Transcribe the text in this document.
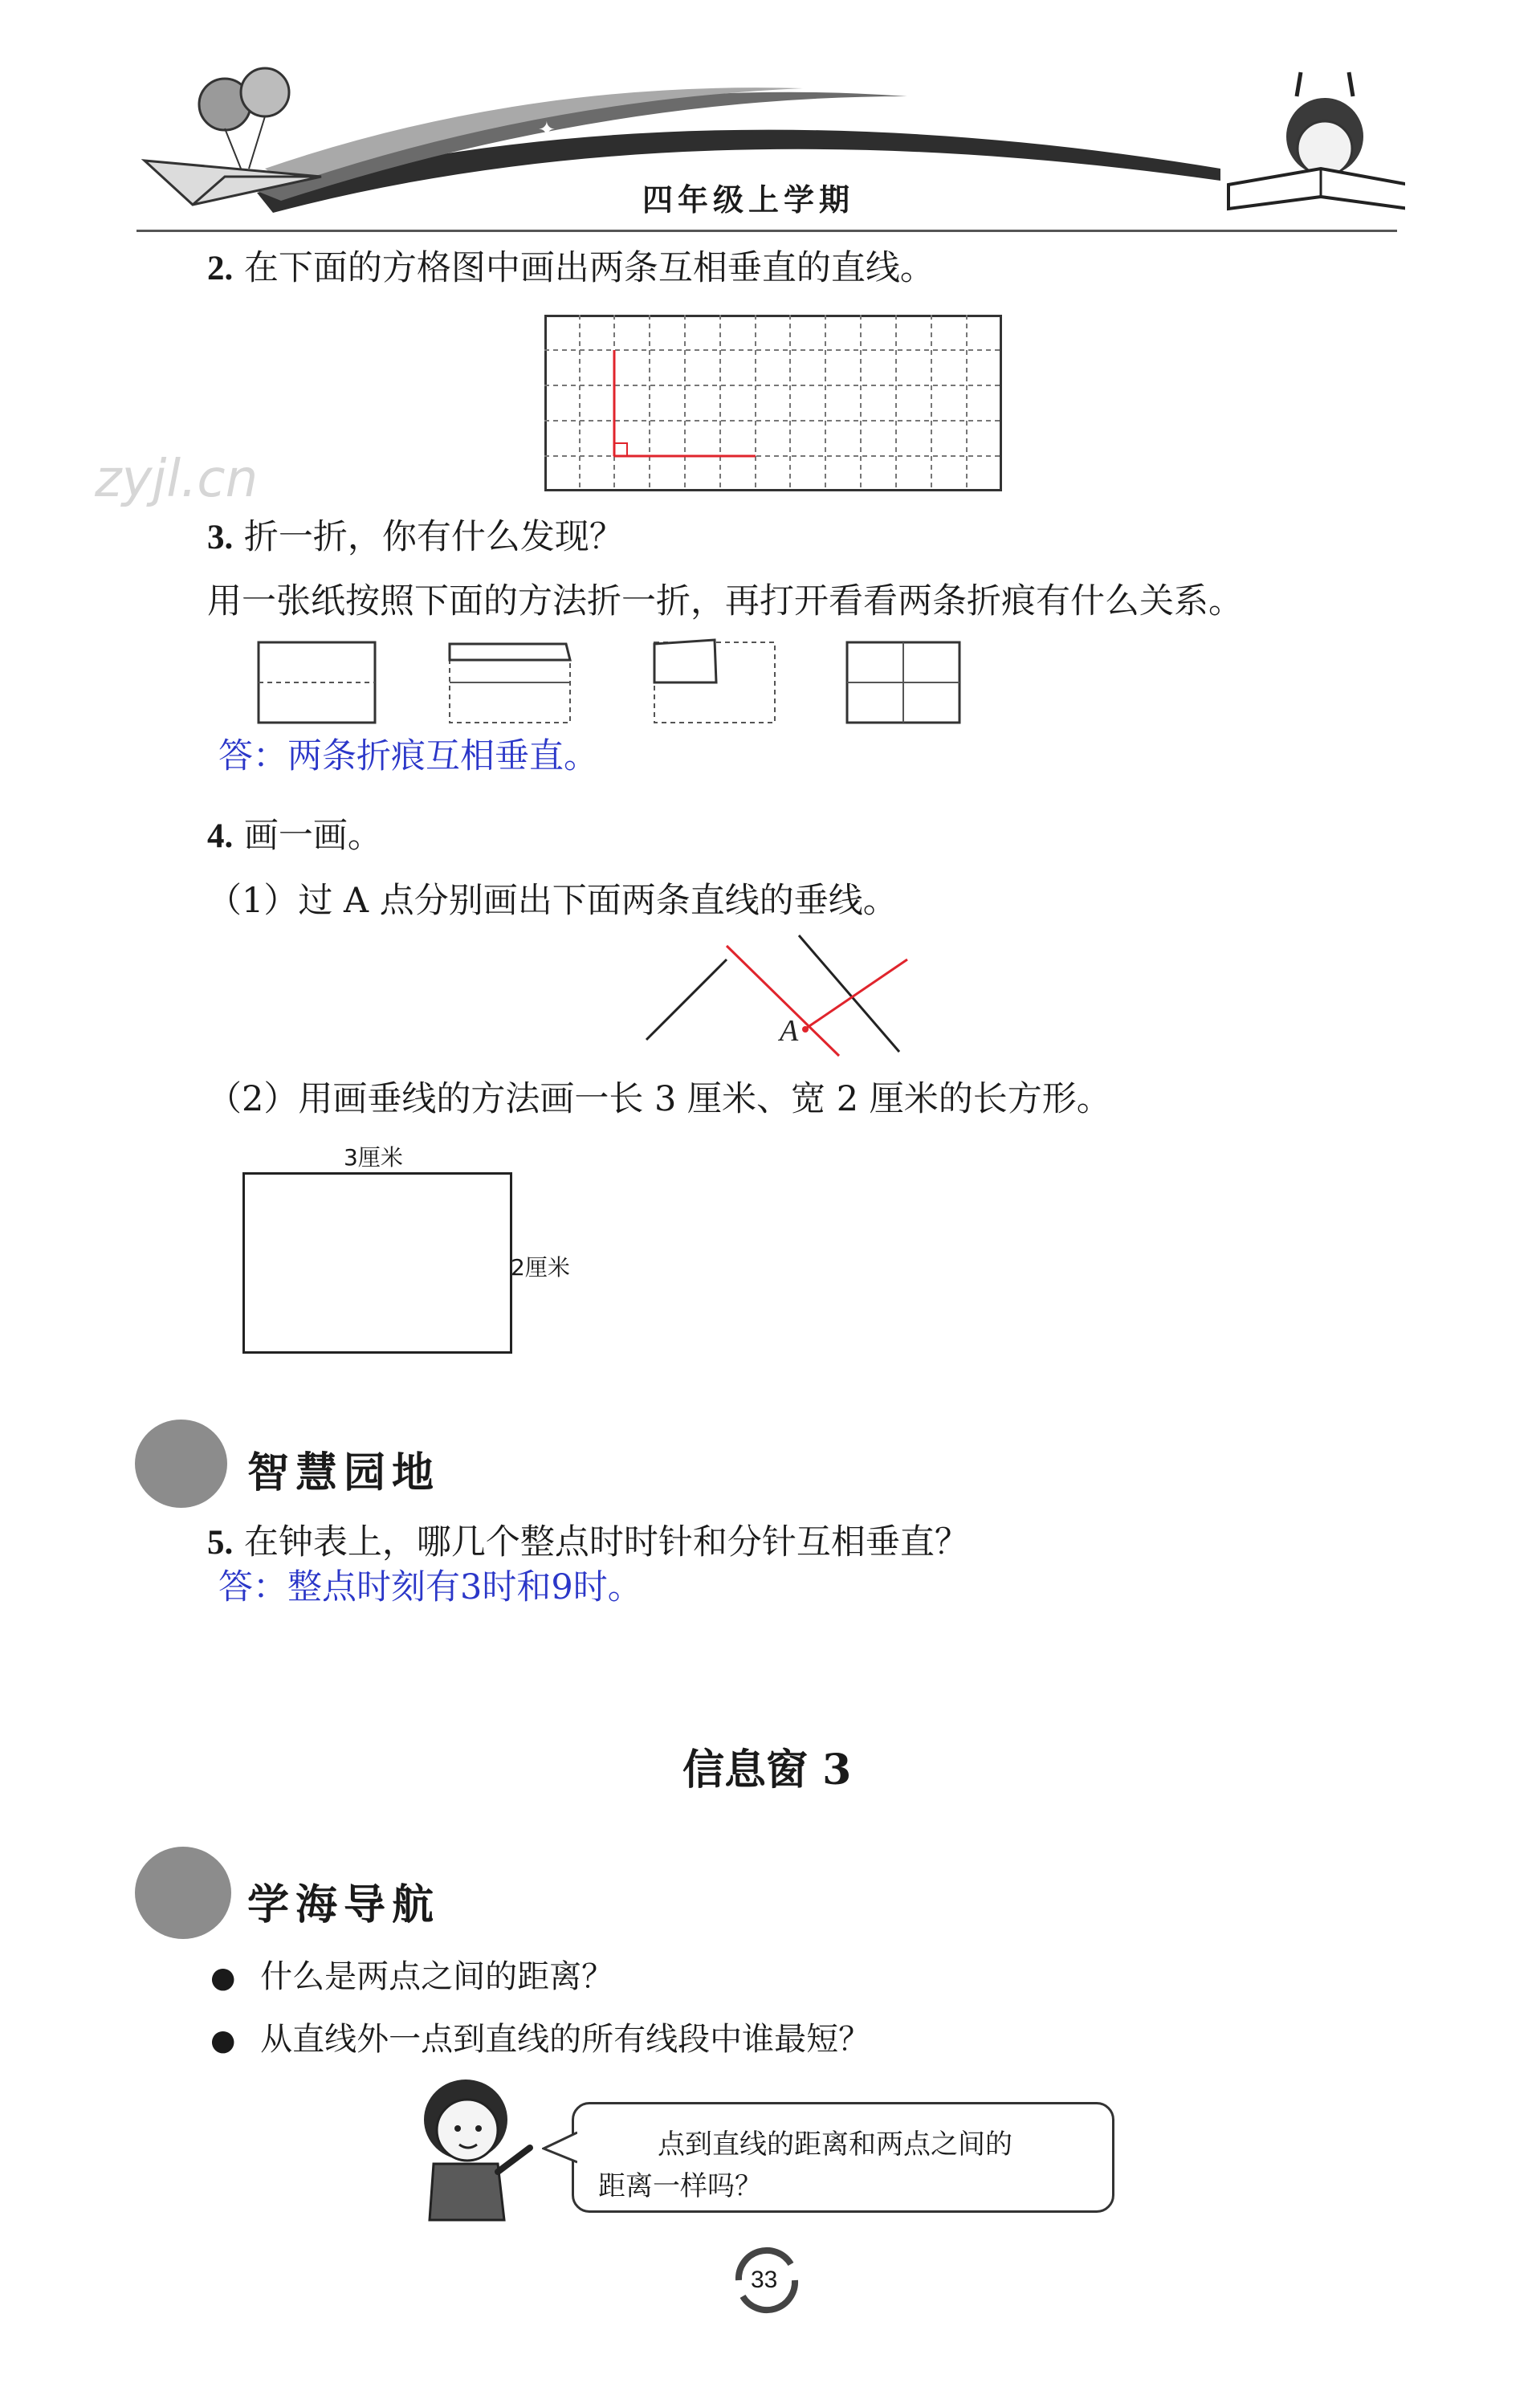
✦	✦
四年级上学期
zyjl.cn
2. 在下面的方格图中画出两条互相垂直的直线。
3. 折一折，你有什么发现？
用一张纸按照下面的方法折一折，再打开看看两条折痕有什么关系。
答：两条折痕互相垂直。
4. 画一画。
（1）过 A 点分别画出下面两条直线的垂线。
A
（2）用画垂线的方法画一长 3 厘米、宽 2 厘米的长方形。
3厘米
2厘米
智慧园地
5. 在钟表上，哪几个整点时时针和分针互相垂直？
答：整点时刻有3时和9时。
信息窗 3
学海导航
● 什么是两点之间的距离？
● 从直线外一点到直线的所有线段中谁最短？
点到直线的距离和两点之间的
距离一样吗？
33
